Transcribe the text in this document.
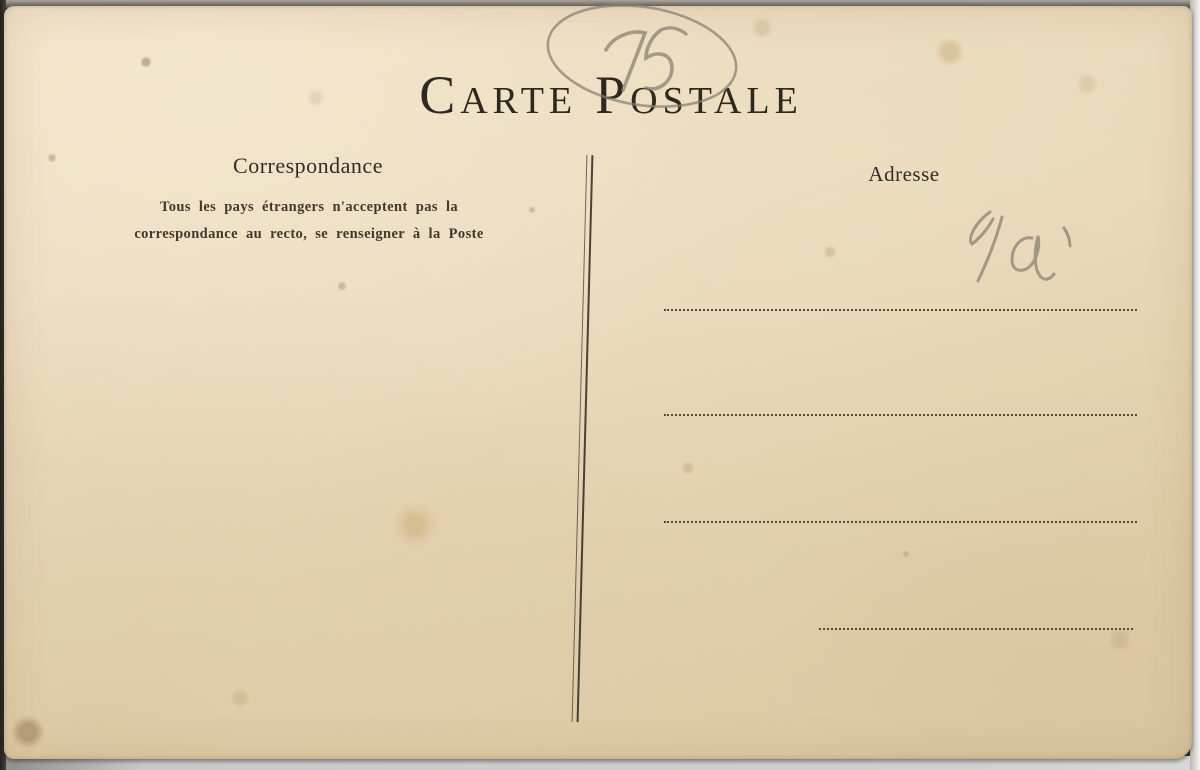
Carte Postale
Correspondance
Tous les pays étrangers n'acceptent pas la
correspondance au recto, se renseigner à la Poste
Adresse
